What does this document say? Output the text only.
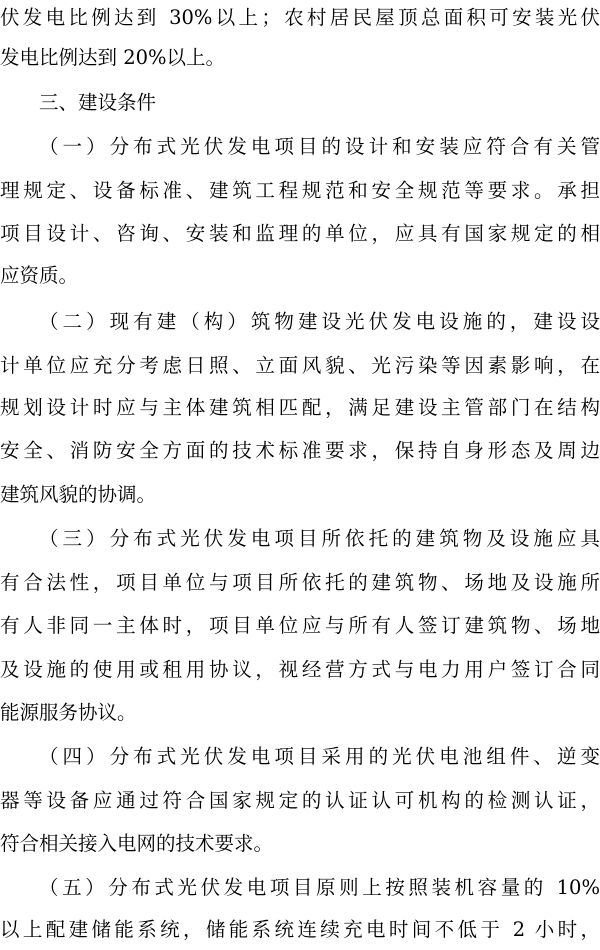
伏发电比例达到 30%以上；农村居民屋顶总面积可安装光伏
发电比例达到 20%以上。
三、建设条件
（一）分布式光伏发电项目的设计和安装应符合有关管
理规定、设备标准、建筑工程规范和安全规范等要求。承担
项目设计、咨询、安装和监理的单位，应具有国家规定的相
应资质。
（二）现有建（构）筑物建设光伏发电设施的，建设设
计单位应充分考虑日照、立面风貌、光污染等因素影响，在
规划设计时应与主体建筑相匹配，满足建设主管部门在结构
安全、消防安全方面的技术标准要求，保持自身形态及周边
建筑风貌的协调。
（三）分布式光伏发电项目所依托的建筑物及设施应具
有合法性，项目单位与项目所依托的建筑物、场地及设施所
有人非同一主体时，项目单位应与所有人签订建筑物、场地
及设施的使用或租用协议，视经营方式与电力用户签订合同
能源服务协议。
（四）分布式光伏发电项目采用的光伏电池组件、逆变
器等设备应通过符合国家规定的认证认可机构的检测认证，
符合相关接入电网的技术要求。
（五）分布式光伏发电项目原则上按照装机容量的 10%
以上配建储能系统，储能系统连续充电时间不低于 2 小时，
